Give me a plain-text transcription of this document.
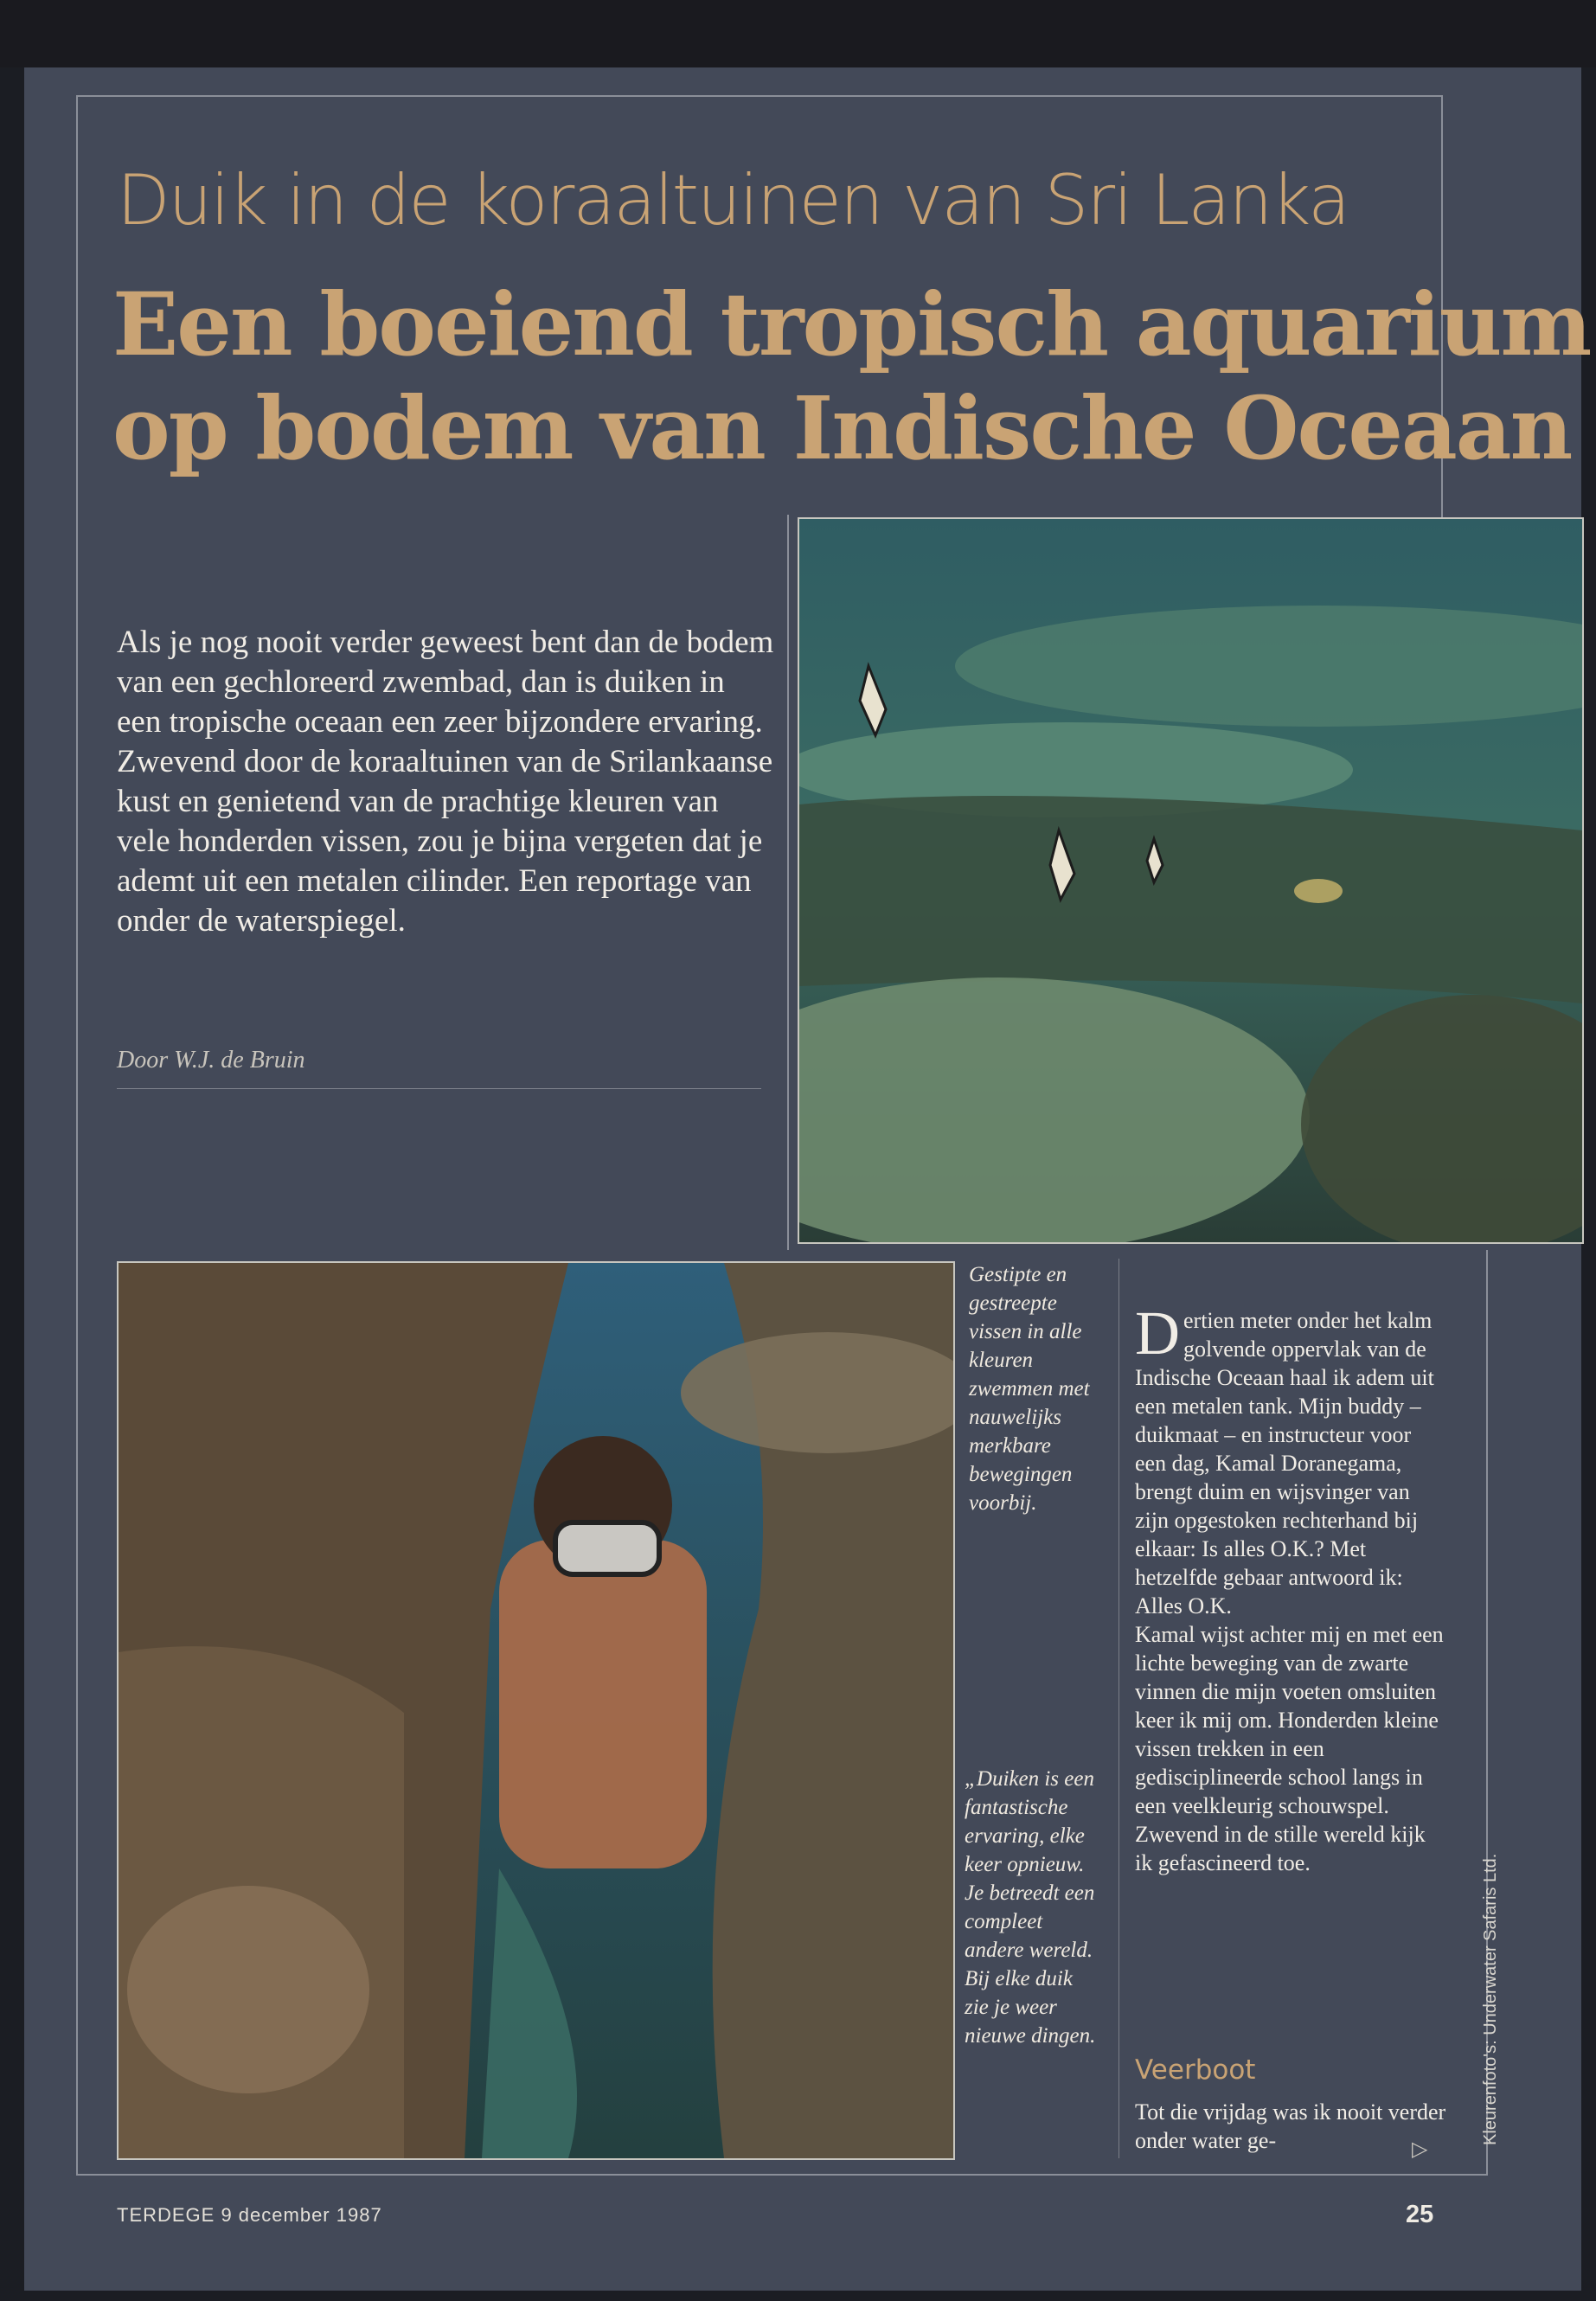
Duik in de koraaltuinen van Sri Lanka
Een boeiend tropisch aquarium
op bodem van Indische Oceaan
Als je nog nooit verder geweest bent dan de bodem van een gechloreerd zwembad, dan is duiken in een tropische oceaan een zeer bijzondere ervaring. Zwevend door de koraaltuinen van de Srilankaanse kust en genietend van de prachtige kleuren van vele honderden vissen, zou je bijna vergeten dat je ademt uit een metalen cilinder. Een reportage van onder de waterspiegel.
Door W.J. de Bruin
Gestipte en gestreepte vissen in alle kleuren zwemmen met nauwelijks merkbare bewegingen voorbij.
„Duiken is een fantastische ervaring, elke keer opnieuw. Je betreedt een compleet andere wereld. Bij elke duik zie je weer nieuwe dingen.
D ertien meter onder het kalm golvende oppervlak van de Indische Oceaan haal ik adem uit een metalen tank. Mijn buddy – duikmaat – en instructeur voor een dag, Kamal Doranegama, brengt duim en wijsvinger van zijn opgestoken rechterhand bij elkaar: Is alles O.K.? Met hetzelfde gebaar antwoord ik: Alles O.K.
Kamal wijst achter mij en met een lichte beweging van de zwarte vinnen die mijn voeten omsluiten keer ik mij om. Honderden kleine vissen trekken in een gedisciplineerde school langs in een veelkleurig schouwspel. Zwevend in de stille wereld kijk ik gefascineerd toe.
Veerboot
Tot die vrijdag was ik nooit verder onder water ge-	▷
Kleurenfoto's: Underwater Safaris Ltd.
TERDEGE 9 december 1987	25
